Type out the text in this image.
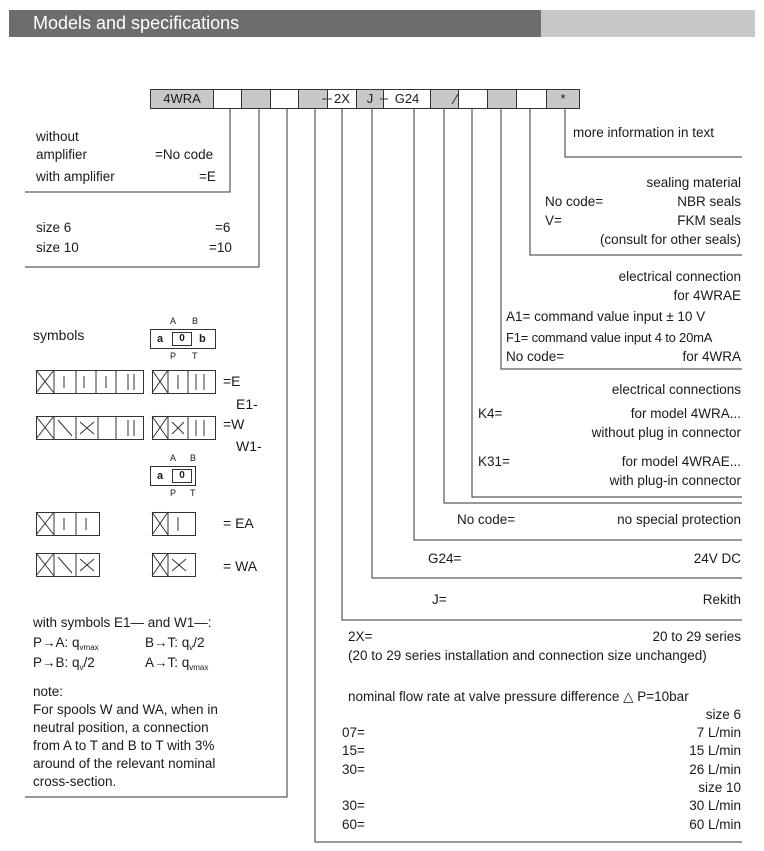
Models and specifications
4WRA	2X	J	G24	*
without
amplifier	=No code
with amplifier	=E
size 6	=6
size 10	=10
symbols
A B
a	0	b
P T
=E
E1-
=W
W1-
A B
a	0
P T
= EA
= WA
with symbols E1— and W1—:
P→A: $q_{vmax}$	B→T: $q_v/2$
P→B: $q_v/2$	A→T: $q_{vmax}$
note:
For spools W and WA, when in
neutral position, a connection
from A to T and B to T with 3%
around of the relevant nominal
cross-section.
more information in text
sealing material
No code=	NBR seals
V=	FKM seals
(consult for other seals)
electrical connection
for 4WRAE
A1= command value input ± 10 V
F1= command value input 4 to 20mA
No code=	for 4WRA
electrical connections
K4=	for model 4WRA...
without plug in connector
K31=	for model 4WRAE...
with plug-in connector
No code=	no special protection
G24=	24V DC
J=	Rekith
2X=	20 to 29 series
(20 to 29 series installation and connection size unchanged)
nominal flow rate at valve pressure difference △ P=10bar
size 6
07=	7 L/min
15=	15 L/min
30=	26 L/min
size 10
30=	30 L/min
60=	60 L/min
